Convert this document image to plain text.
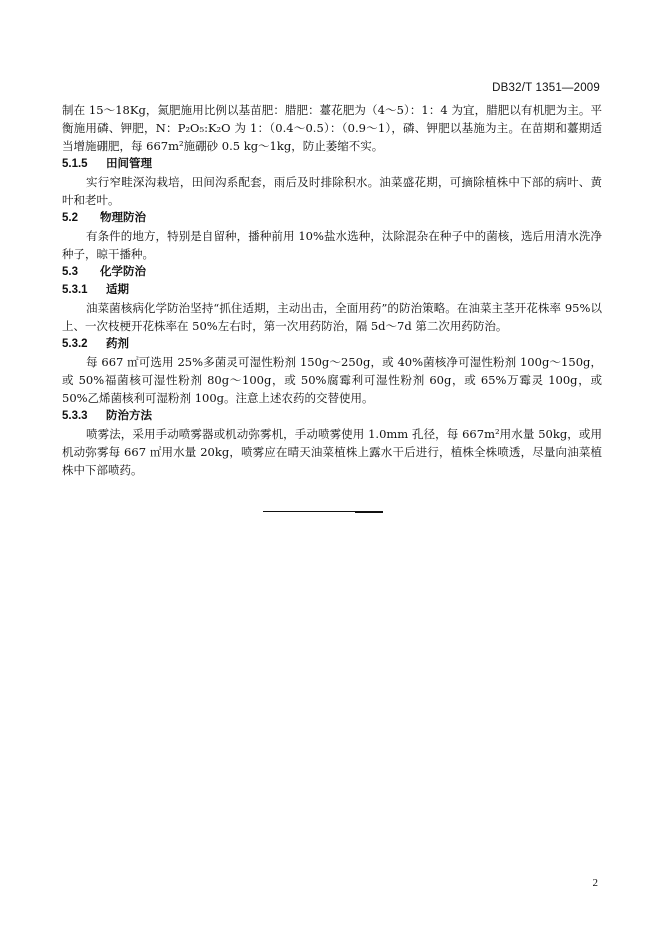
DB32/T 1351—2009

制在 15～18Kg，氮肥施用比例以基苗肥：腊肥：薹花肥为（4～5）：1：4 为宜，腊肥以有机肥为主。平衡施用磷、钾肥，N：P₂O₅:K₂O 为 1：（0.4～0.5）：（0.9～1），磷、钾肥以基施为主。在苗期和薹期适当增施硼肥，每 667m²施硼砂 0.5 kg～1kg，防止萎缩不实。

5.1.5	田间管理

实行窄畦深沟栽培，田间沟系配套，雨后及时排除积水。油菜盛花期，可摘除植株中下部的病叶、黄叶和老叶。

5.2	物理防治

有条件的地方，特别是自留种，播种前用 10%盐水选种，汰除混杂在种子中的菌核，选后用清水洗净种子，晾干播种。

5.3	化学防治
5.3.1	适期

油菜菌核病化学防治坚持“抓住适期，主动出击，全面用药”的防治策略。在油菜主茎开花株率 95%以上、一次枝梗开花株率在 50%左右时，第一次用药防治，隔 5d～7d 第二次用药防治。

5.3.2	药剂

每 667 ㎡可选用 25%多菌灵可湿性粉剂 150g～250g，或 40%菌核净可湿性粉剂 100g～150g，或 50%福菌核可湿性粉剂 80g～100g，或 50%腐霉利可湿性粉剂 60g，或 65%万霉灵 100g，或 50%乙烯菌核利可湿粉剂 100g。注意上述农药的交替使用。

5.3.3	防治方法

喷雾法，采用手动喷雾器或机动弥雾机，手动喷雾使用 1.0mm 孔径，每 667m²用水量 50kg，或用机动弥雾每 667 ㎡用水量 20kg，喷雾应在晴天油菜植株上露水干后进行，植株全株喷透，尽量向油菜植株中下部喷药。

2
